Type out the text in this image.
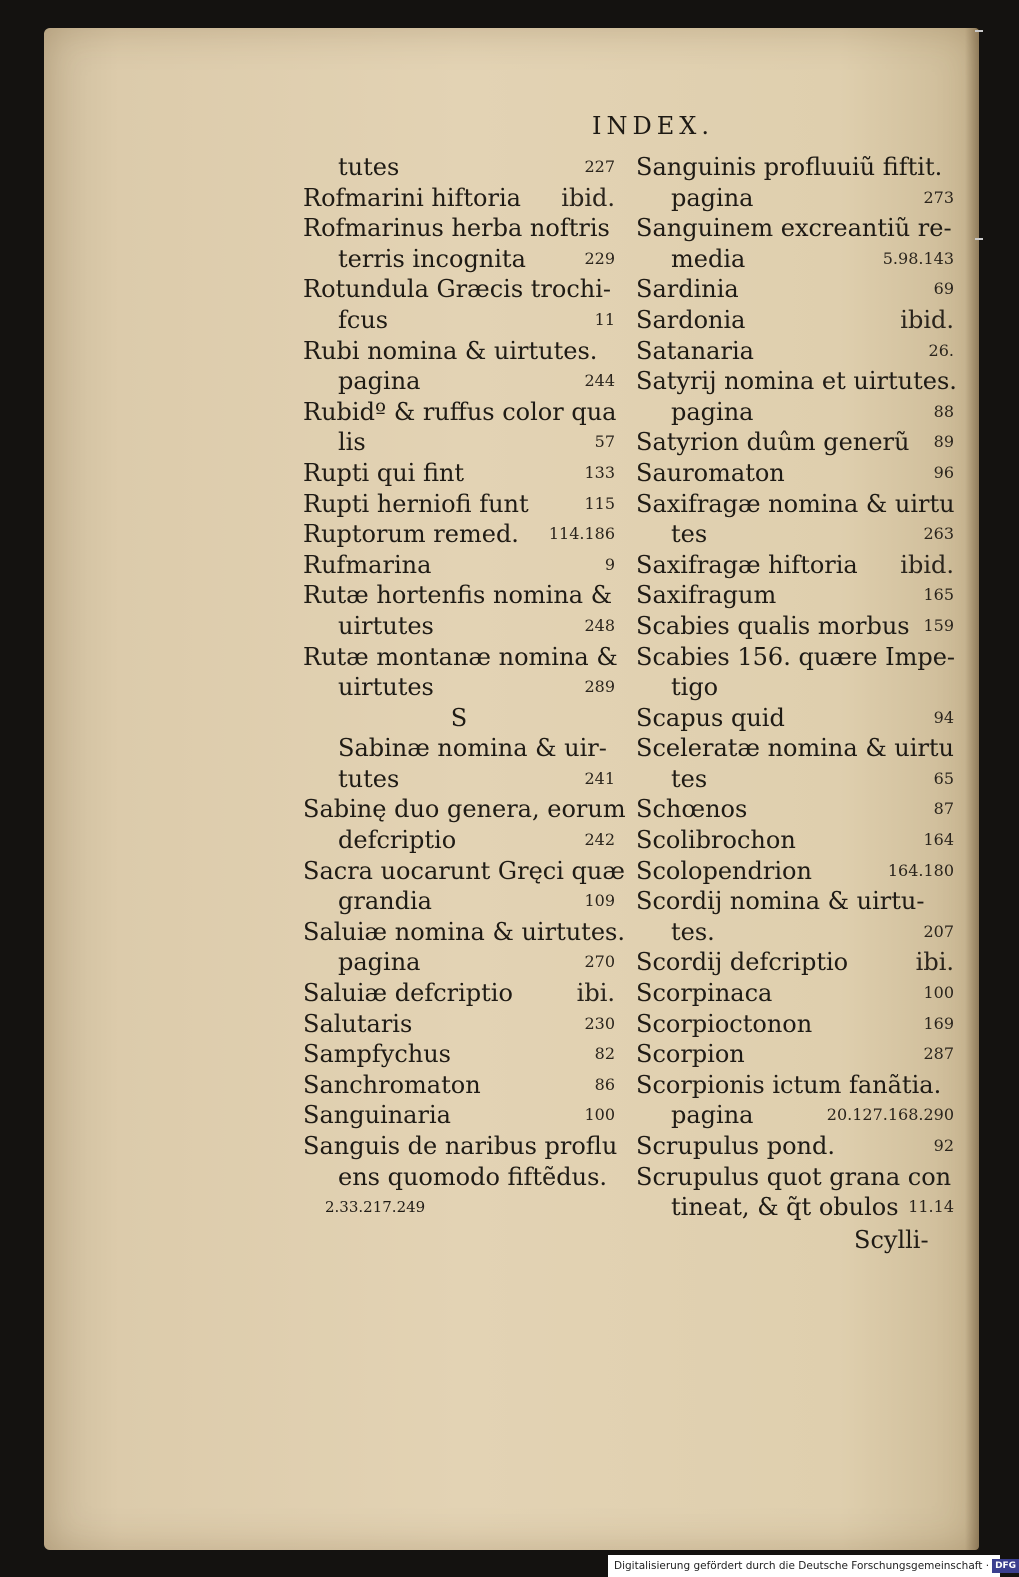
INDEX.
tutes	227
Rofmarini hiftoria ibid.
Rofmarinus herba noftris
terris incognita	229
Rotundula Græcis trochi-
fcus	11
Rubi nomina & uirtutes.
pagina	244
Rubidº & ruffus color qua
lis	57
Rupti qui fint	133
Rupti herniofi funt	115
Ruptorum remed. 114.186
Rufmarina	9
Rutæ hortenfis nomina &
uirtutes	248
Rutæ montanæ nomina &
uirtutes	289
S
Sabinæ nomina & uir-
tutes	241
Sabinę duo genera, eorum
defcriptio	242
Sacra uocarunt Gręci quæ
grandia	109
Saluiæ nomina & uirtutes.
pagina	270
Saluiæ defcriptio	ibi.
Salutaris	230
Sampfychus	82
Sanchromaton	86
Sanguinaria	100
Sanguis de naribus proflu
ens quomodo fiftẽdus.
2.33.217.249
Sanguinis profluuiũ fiftit.
pagina	273
Sanguinem excreantiũ re-
media	5.98.143
Sardinia	69
Sardonia	ibid.
Satanaria	26.
Satyrij nomina et uirtutes.
pagina	88
Satyrion duûm generũ 89
Sauromaton	96
Saxifragæ nomina & uirtu
tes	263
Saxifragæ hiftoria ibid.
Saxifragum	165
Scabies qualis morbus 159
Scabies 156. quære Impe-
tigo
Scapus quid	94
Sceleratæ nomina & uirtu
tes	65
Schœnos	87
Scolibrochon	164
Scolopendrion	164.180
Scordij nomina & uirtu-
tes.	207
Scordij defcriptio	ibi.
Scorpinaca	100
Scorpioctonon	169
Scorpion	287
Scorpionis ictum fanãtia.
pagina	20.127.168.290
Scrupulus pond.	92
Scrupulus quot grana con
tineat, & q̃t obulos 11.14
Scylli-
Digitalisierung gefördert durch die Deutsche Forschungsgemeinschaft · DFG
